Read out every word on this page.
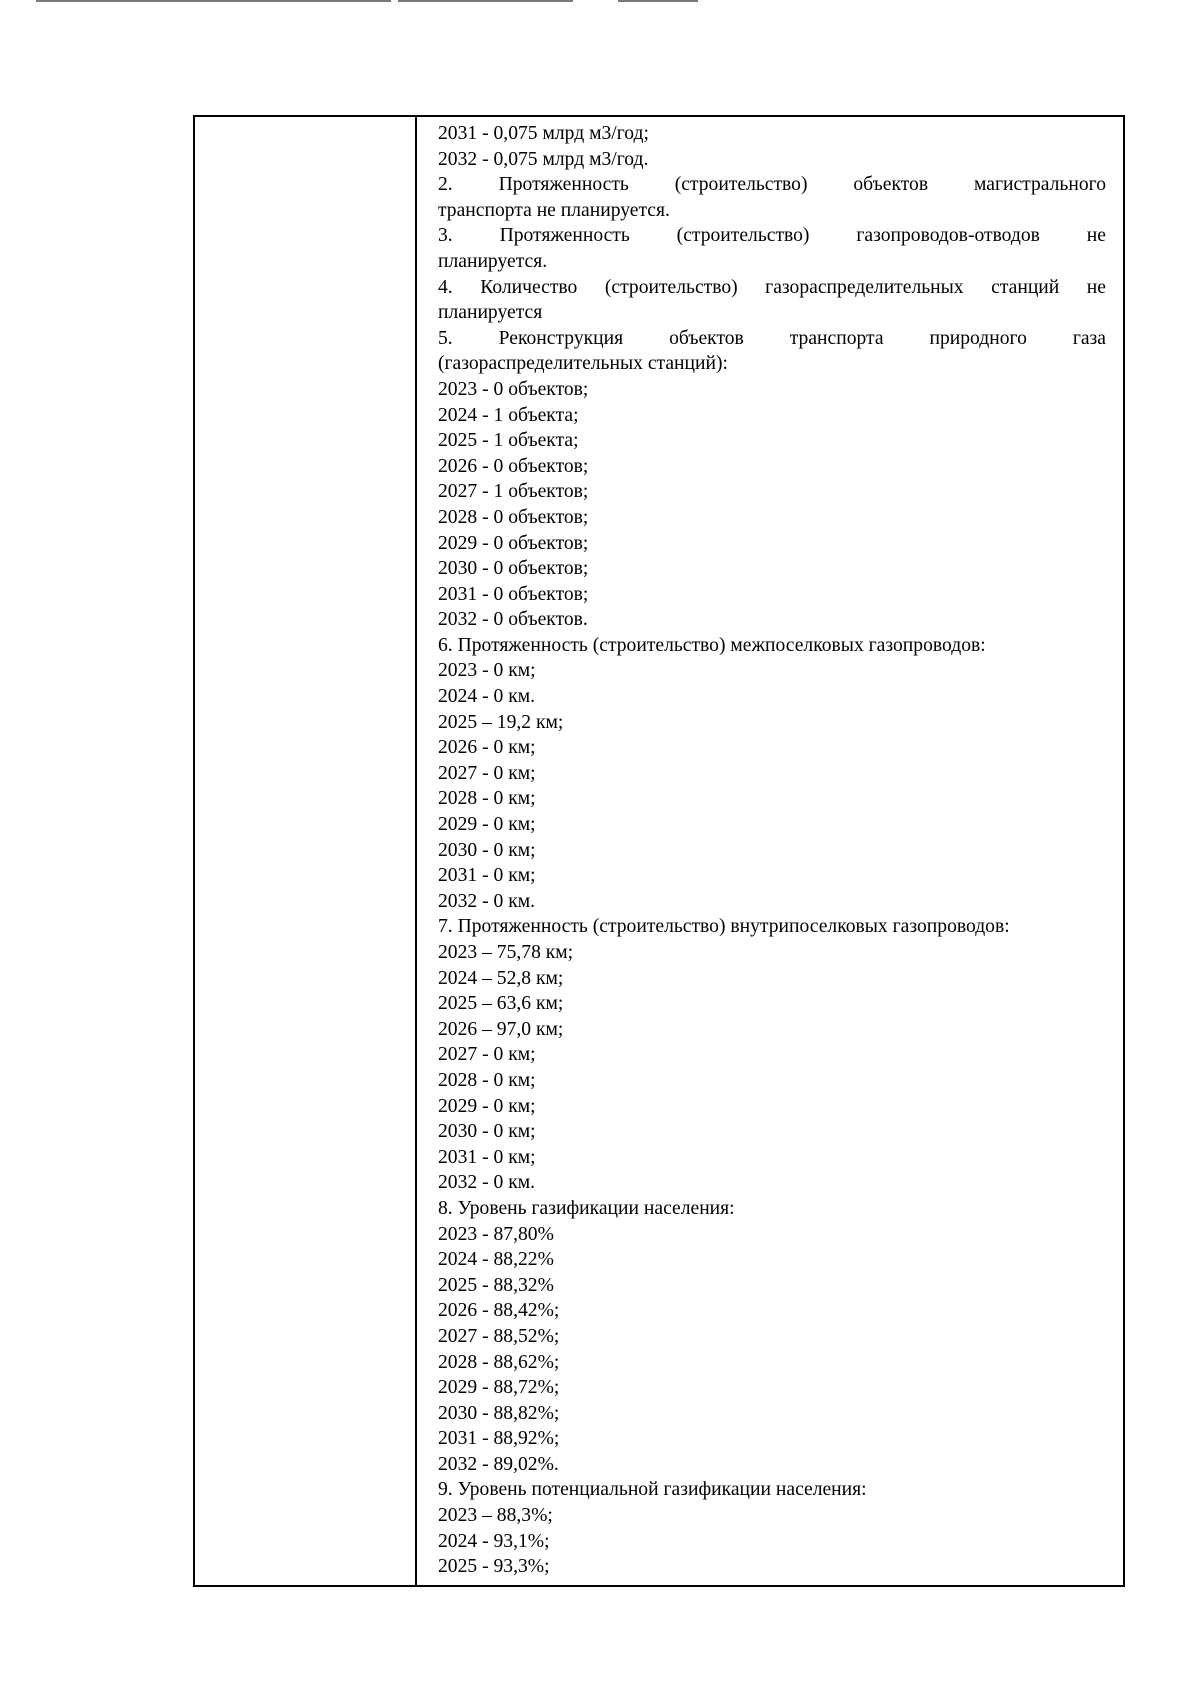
2031 - 0,075 млрд м3/год;
2032 - 0,075 млрд м3/год.
2. Протяженность (строительство) объектов магистрального
транспорта не планируется.
3. Протяженность (строительство) газопроводов-отводов не
планируется.
4. Количество (строительство) газораспределительных станций не
планируется
5. Реконструкция объектов транспорта природного газа
(газораспределительных станций):
2023 - 0 объектов;
2024 - 1 объекта;
2025 - 1 объекта;
2026 - 0 объектов;
2027 - 1 объектов;
2028 - 0 объектов;
2029 - 0 объектов;
2030 - 0 объектов;
2031 - 0 объектов;
2032 - 0 объектов.
6. Протяженность (строительство) межпоселковых газопроводов:
2023 - 0 км;
2024 - 0 км.
2025 – 19,2 км;
2026 - 0 км;
2027 - 0 км;
2028 - 0 км;
2029 - 0 км;
2030 - 0 км;
2031 - 0 км;
2032 - 0 км.
7. Протяженность (строительство) внутрипоселковых газопроводов:
2023 – 75,78 км;
2024 – 52,8 км;
2025 – 63,6 км;
2026 – 97,0 км;
2027 - 0 км;
2028 - 0 км;
2029 - 0 км;
2030 - 0 км;
2031 - 0 км;
2032 - 0 км.
8. Уровень газификации населения:
2023 - 87,80%
2024 - 88,22%
2025 - 88,32%
2026 - 88,42%;
2027 - 88,52%;
2028 - 88,62%;
2029 - 88,72%;
2030 - 88,82%;
2031 - 88,92%;
2032 - 89,02%.
9. Уровень потенциальной газификации населения:
2023 – 88,3%;
2024 - 93,1%;
2025 - 93,3%;
